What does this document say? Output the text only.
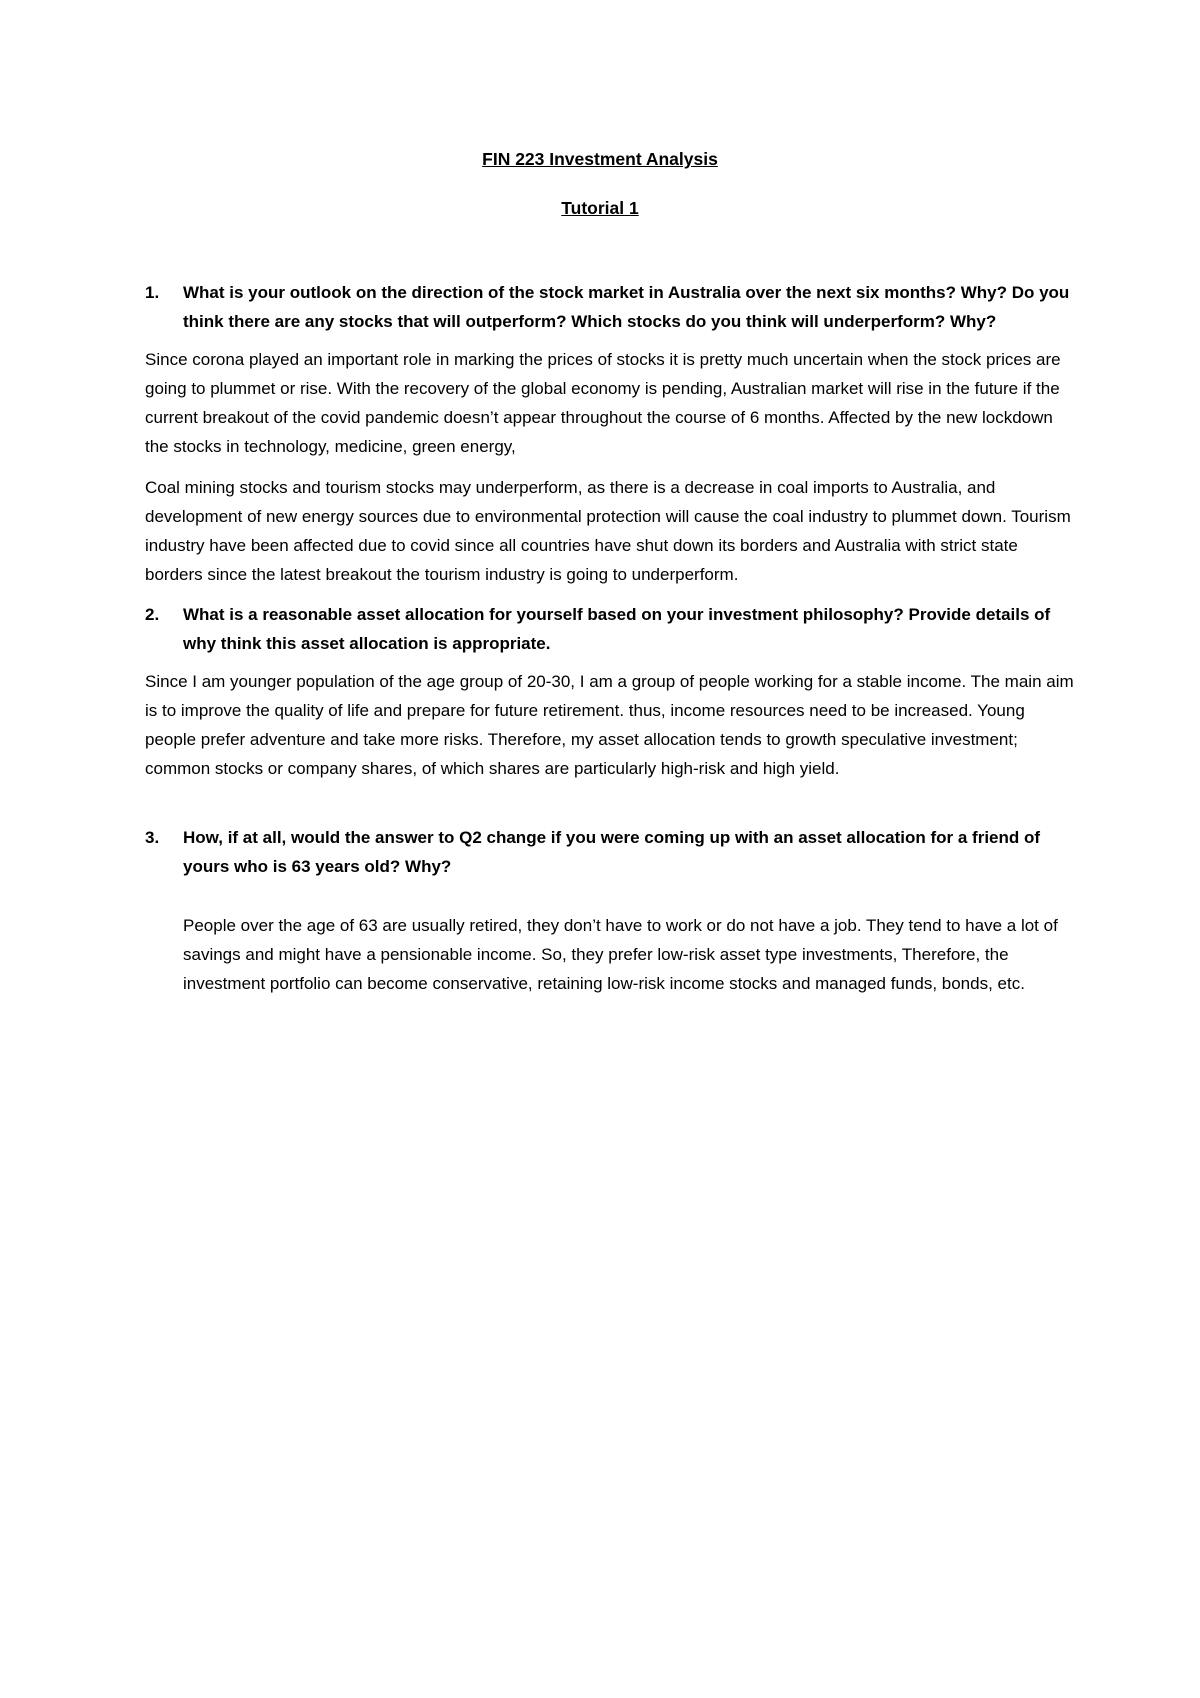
FIN 223 Investment Analysis

Tutorial 1

1.	What is your outlook on the direction of the stock market in Australia over the next six months? Why? Do you think there are any stocks that will outperform? Which stocks do you think will underperform? Why?

Since corona played an important role in marking the prices of stocks it is pretty much uncertain when the stock prices are going to plummet or rise. With the recovery of the global economy is pending, Australian market will rise in the future if the current breakout of the covid pandemic doesn’t appear throughout the course of 6 months. Affected by the new lockdown the stocks in technology, medicine, green energy,

Coal mining stocks and tourism stocks may underperform, as there is a decrease in coal imports to Australia, and development of new energy sources due to environmental protection will cause the coal industry to plummet down. Tourism industry have been affected due to covid since all countries have shut down its borders and Australia with strict state borders since the latest breakout the tourism industry is going to underperform.

2.	What is a reasonable asset allocation for yourself based on your investment philosophy? Provide details of why think this asset allocation is appropriate.

Since I am younger population of the age group of 20-30, I am a group of people working for a stable income. The main aim is to improve the quality of life and prepare for future retirement. thus, income resources need to be increased. Young people prefer adventure and take more risks. Therefore, my asset allocation tends to growth speculative investment; common stocks or company shares, of which shares are particularly high-risk and high yield.

3.	How, if at all, would the answer to Q2 change if you were coming up with an asset allocation for a friend of yours who is 63 years old? Why?

People over the age of 63 are usually retired, they don’t have to work or do not have a job. They tend to have a lot of savings and might have a pensionable income. So, they prefer low-risk asset type investments, Therefore, the investment portfolio can become conservative, retaining low-risk income stocks and managed funds, bonds, etc.
